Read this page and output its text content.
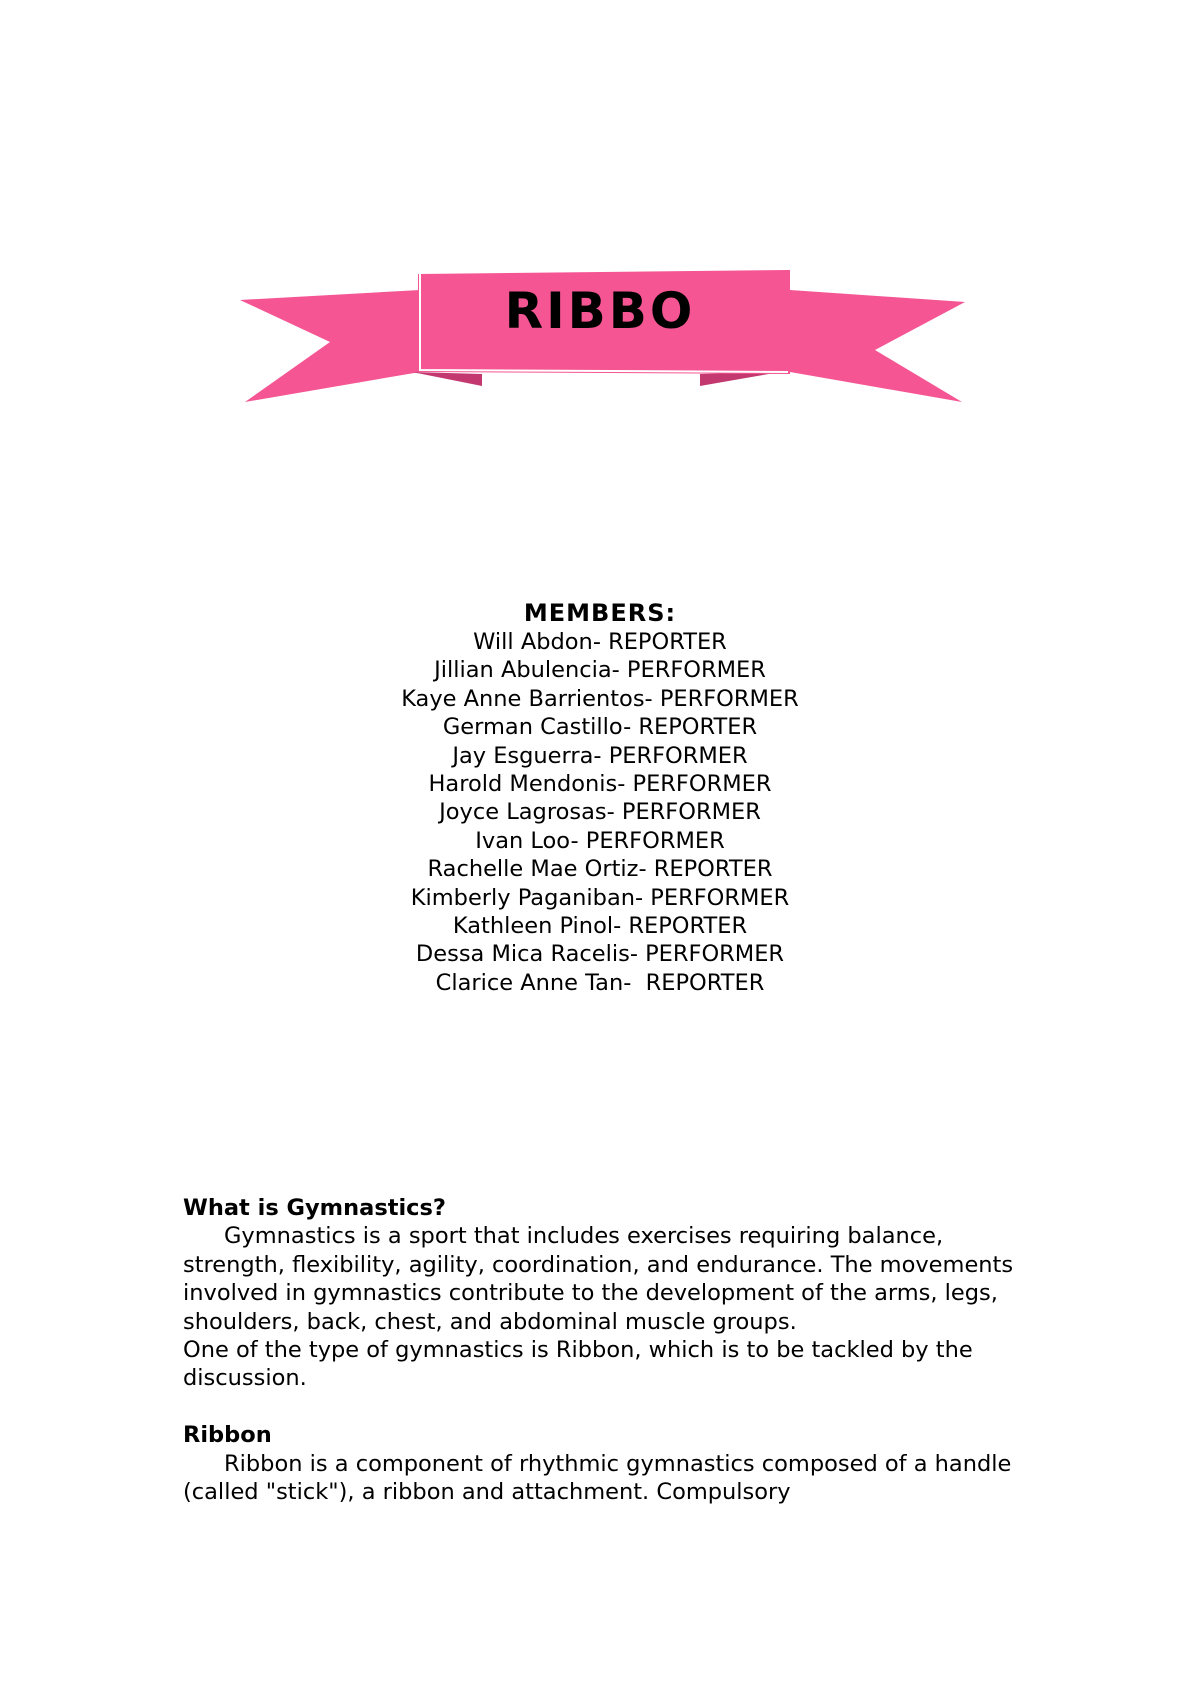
RIBBO
MEMBERS:
Will Abdon- REPORTER
Jillian Abulencia- PERFORMER
Kaye Anne Barrientos- PERFORMER
German Castillo- REPORTER
Jay Esguerra- PERFORMER
Harold Mendonis- PERFORMER
Joyce Lagrosas- PERFORMER
Ivan Loo- PERFORMER
Rachelle Mae Ortiz- REPORTER
Kimberly Paganiban- PERFORMER
Kathleen Pinol- REPORTER
Dessa Mica Racelis- PERFORMER
Clarice Anne Tan-  REPORTER
What is Gymnastics?

Gymnastics is a sport that includes exercises requiring balance, strength, flexibility, agility, coordination, and endurance. The movements involved in gymnastics contribute to the development of the arms, legs, shoulders, back, chest, and abdominal muscle groups.

One of the type of gymnastics is Ribbon, which is to be tackled by the discussion.

Ribbon

Ribbon is a component of rhythmic gymnastics composed of a handle (called "stick"), a ribbon and attachment. Compulsory
